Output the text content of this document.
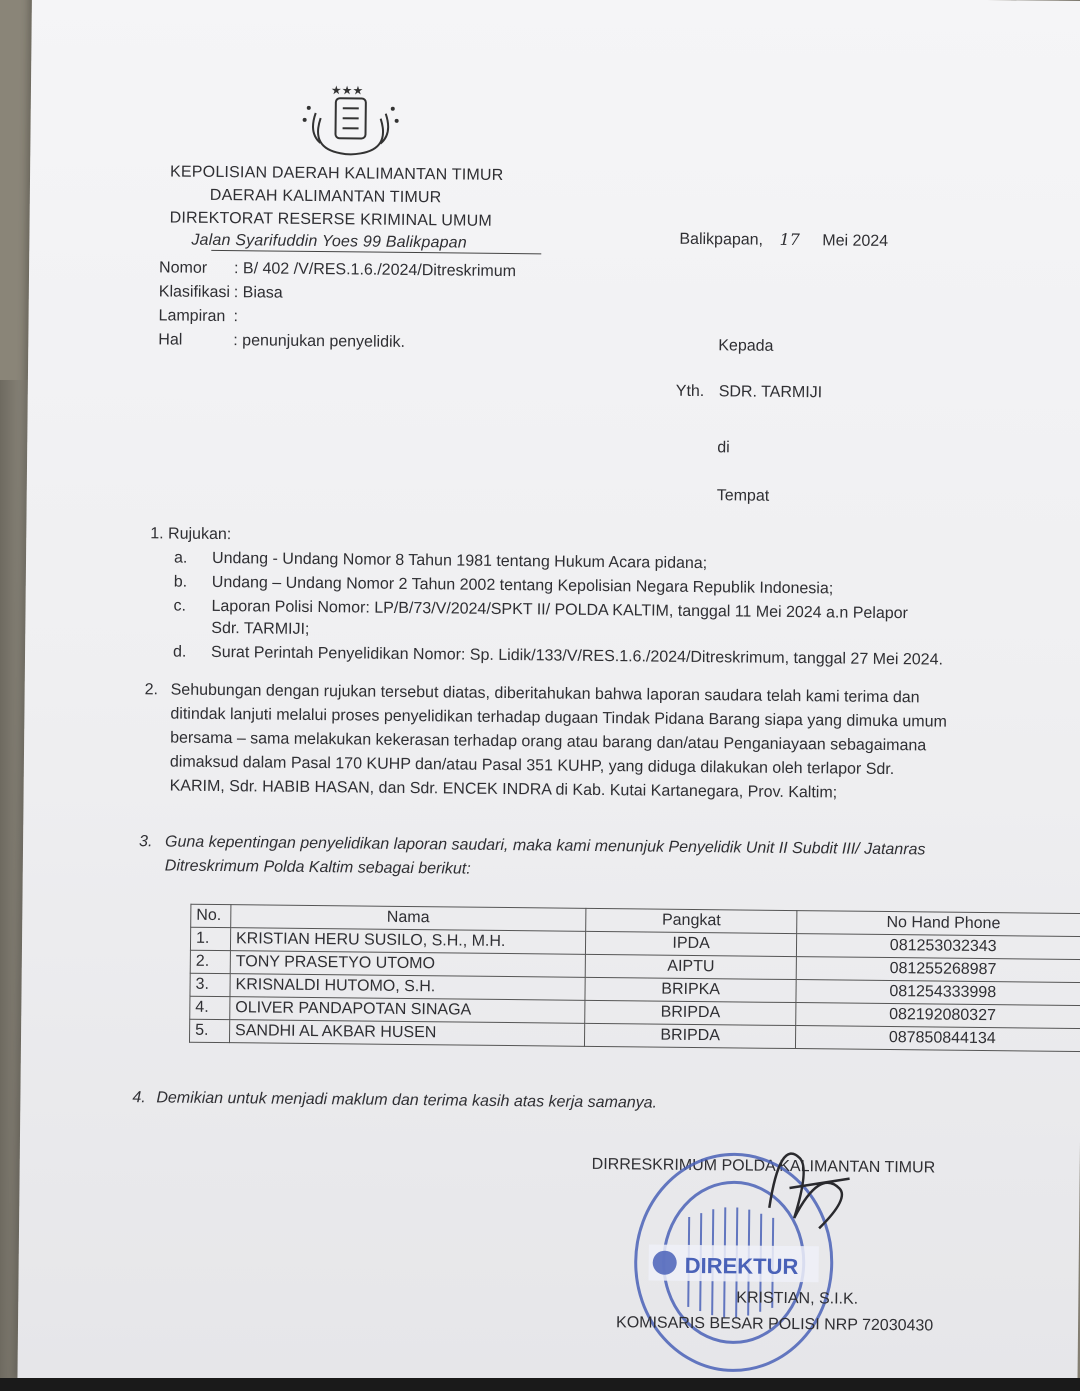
★★★
KEPOLISIAN DAERAH KALIMANTAN TIMUR
DAERAH KALIMANTAN TIMUR
DIREKTORAT RESERSE KRIMINAL UMUM
Jalan Syarifuddin Yoes 99 Balikpapan	Balikpapan, 17 Mei 2024
Nomor : B/ 402 /V/RES.1.6./2024/Ditreskrimum
Klasifikasi : Biasa
Lampiran :
Hal	: penunjukan penyelidik.	Kepada
Yth. SDR. TARMIJI
di
Tempat
1. Rujukan:
a. Undang - Undang Nomor 8 Tahun 1981 tentang Hukum Acara pidana;
b. Undang – Undang Nomor 2 Tahun 2002 tentang Kepolisian Negara Republik Indonesia;
c. Laporan Polisi Nomor: LP/B/73/V/2024/SPKT II/ POLDA KALTIM, tanggal 11 Mei 2024 a.n Pelapor
Sdr. TARMIJI;
d. Surat Perintah Penyelidikan Nomor: Sp. Lidik/133/V/RES.1.6./2024/Ditreskrimum, tanggal 27 Mei 2024.
2. Sehubungan dengan rujukan tersebut diatas, diberitahukan bahwa laporan saudara telah kami terima dan
ditindak lanjuti melalui proses penyelidikan terhadap dugaan Tindak Pidana Barang siapa yang dimuka umum
bersama – sama melakukan kekerasan terhadap orang atau barang dan/atau Penganiayaan sebagaimana
dimaksud dalam Pasal 170 KUHP dan/atau Pasal 351 KUHP, yang diduga dilakukan oleh terlapor Sdr.
KARIM, Sdr. HABIB HASAN, dan Sdr. ENCEK INDRA di Kab. Kutai Kartanegara, Prov. Kaltim;
3. Guna kepentingan penyelidikan laporan saudari, maka kami menunjuk Penyelidik Unit II Subdit III/ Jatanras
Ditreskrimum Polda Kaltim sebagai berikut:
No.	Nama	Pangkat	No Hand Phone
1.	KRISTIAN HERU SUSILO, S.H., M.H.	IPDA	081253032343
2.	TONY PRASETYO UTOMO	AIPTU	081255268987
3.	KRISNALDI HUTOMO, S.H.	BRIPKA	081254333998
4.	OLIVER PANDAPOTAN SINAGA	BRIPDA	082192080327
5.	SANDHI AL AKBAR HUSEN	BRIPDA	087850844134
4. Demikian untuk menjadi maklum dan terima kasih atas kerja samanya.
DIRRESKRIMUM POLDA KALIMANTAN TIMUR
DIREKTUR
KRISTIAN, S.I.K.
KOMISARIS BESAR POLISI NRP 72030430
